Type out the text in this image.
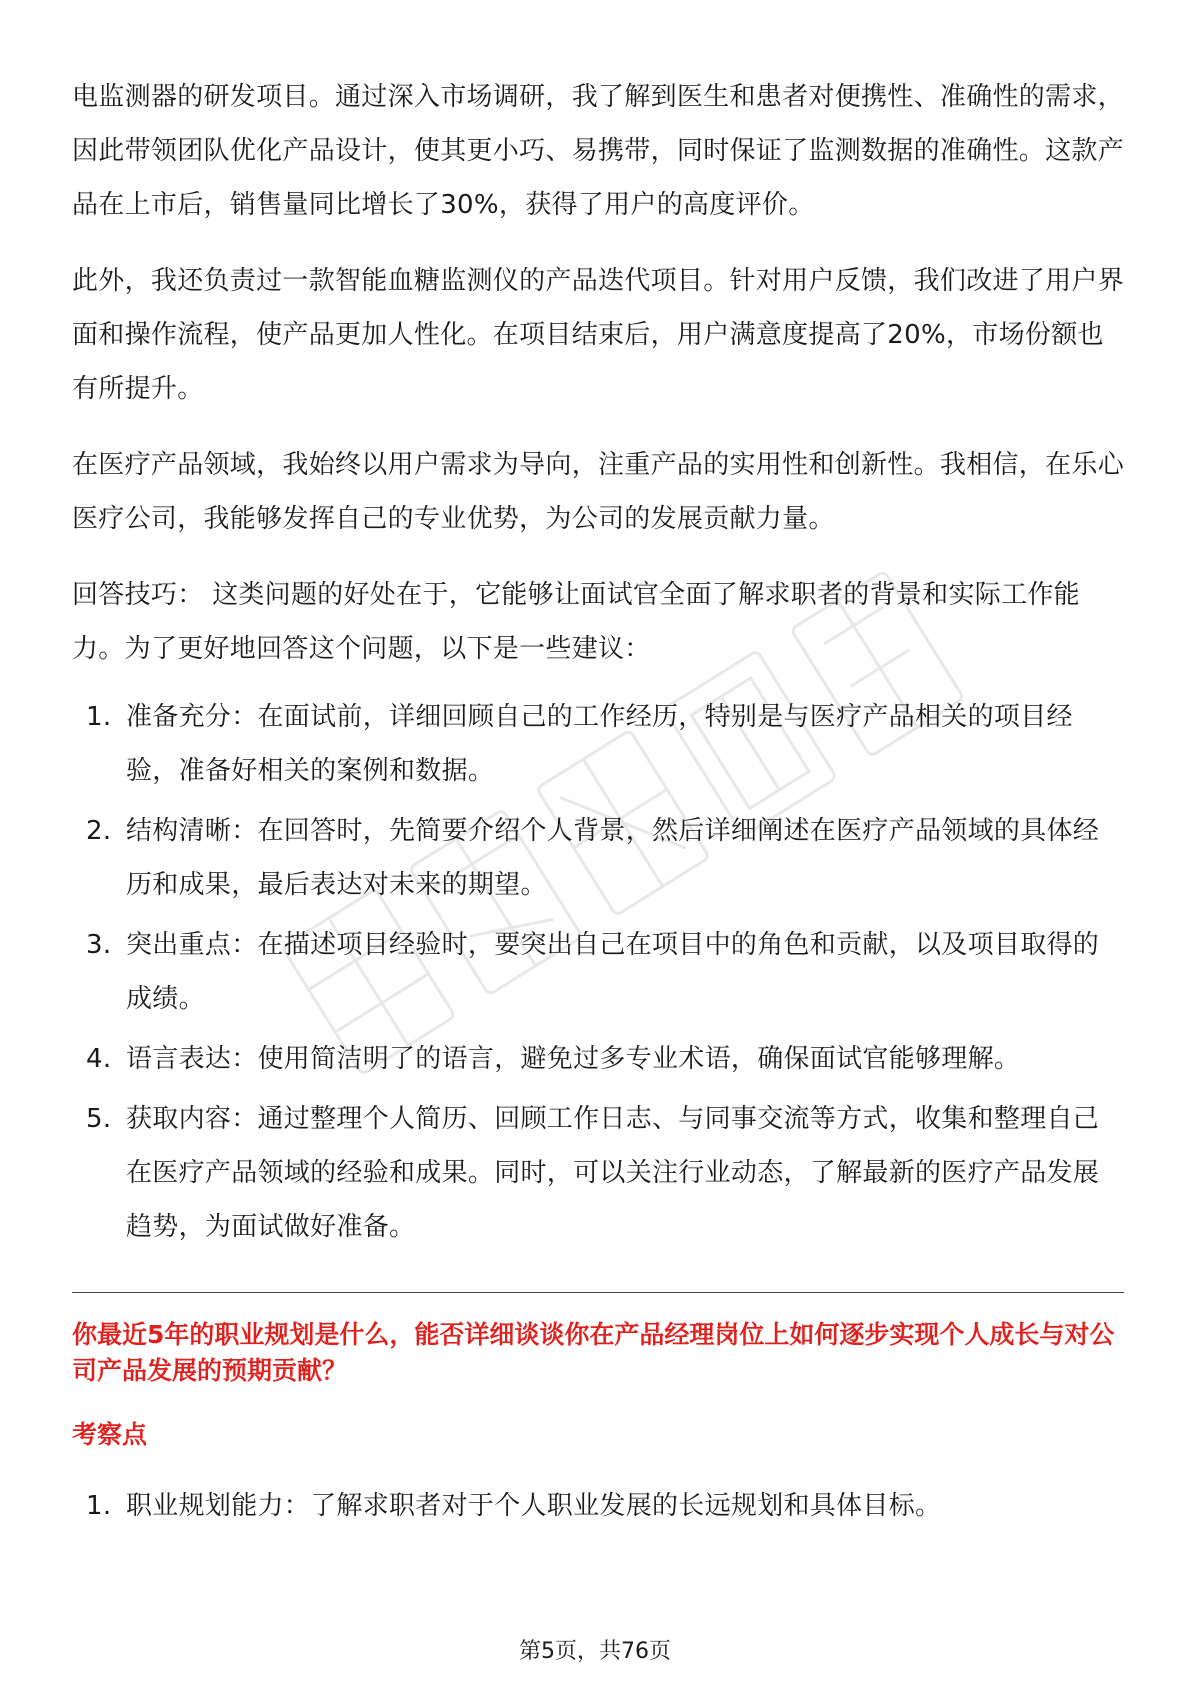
电监测器的研发项目。通过深入市场调研，我了解到医生和患者对便携性、准确性的需求，因此带领团队优化产品设计，使其更小巧、易携带，同时保证了监测数据的准确性。这款产品在上市后，销售量同比增长了30%，获得了用户的高度评价。

此外，我还负责过一款智能血糖监测仪的产品迭代项目。针对用户反馈，我们改进了用户界面和操作流程，使产品更加人性化。在项目结束后，用户满意度提高了20%，市场份额也有所提升。

在医疗产品领域，我始终以用户需求为导向，注重产品的实用性和创新性。我相信，在乐心医疗公司，我能够发挥自己的专业优势，为公司的发展贡献力量。

回答技巧： 这类问题的好处在于，它能够让面试官全面了解求职者的背景和实际工作能力。为了更好地回答这个问题，以下是一些建议：

1. 准备充分：在面试前，详细回顾自己的工作经历，特别是与医疗产品相关的项目经验，准备好相关的案例和数据。
2. 结构清晰：在回答时，先简要介绍个人背景，然后详细阐述在医疗产品领域的具体经历和成果，最后表达对未来的期望。
3. 突出重点：在描述项目经验时，要突出自己在项目中的角色和贡献，以及项目取得的成绩。
4. 语言表达：使用简洁明了的语言，避免过多专业术语，确保面试官能够理解。
5. 获取内容：通过整理个人简历、回顾工作日志、与同事交流等方式，收集和整理自己在医疗产品领域的经验和成果。同时，可以关注行业动态，了解最新的医疗产品发展趋势，为面试做好准备。
你最近5年的职业规划是什么，能否详细谈谈你在产品经理岗位上如何逐步实现个人成长与对公司产品发展的预期贡献？
考察点
1. 职业规划能力：了解求职者对于个人职业发展的长远规划和具体目标。
第5页，共76页
